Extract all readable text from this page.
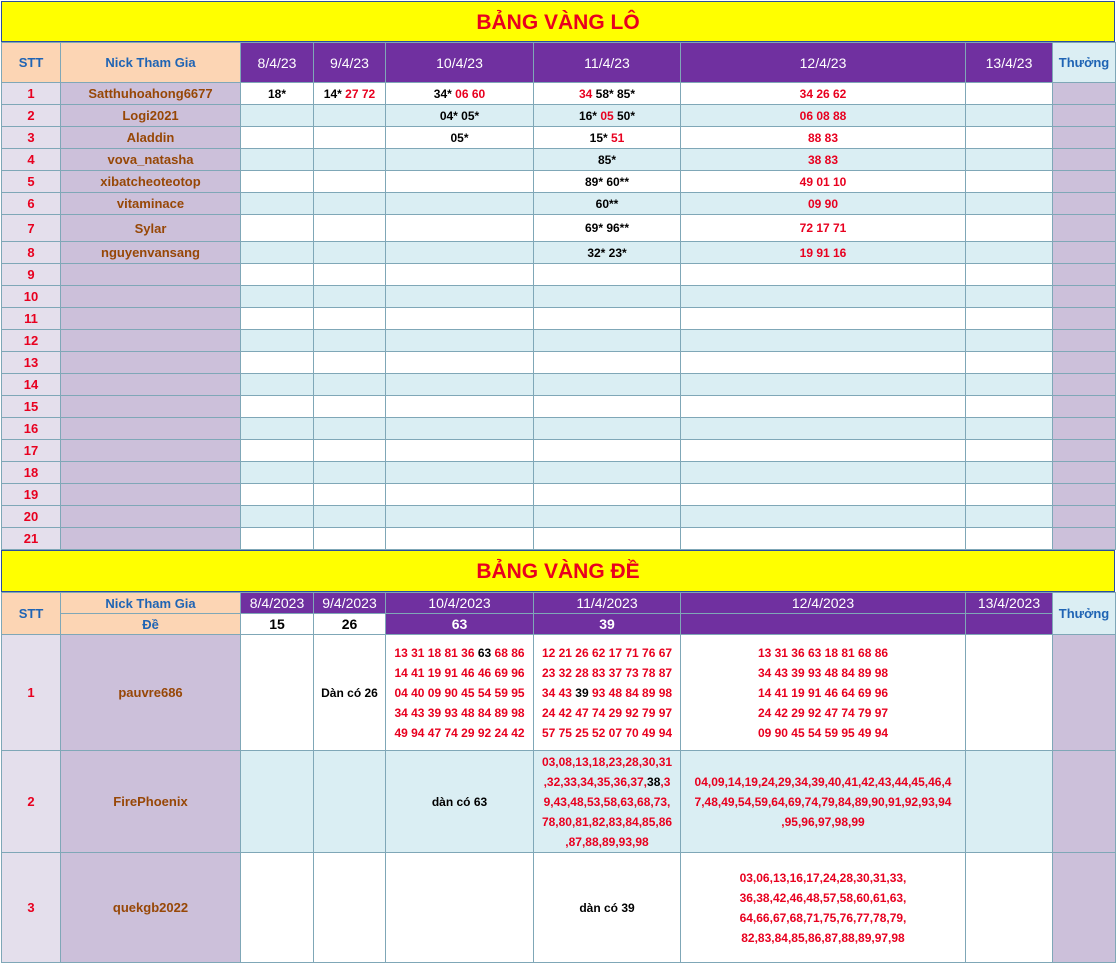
BẢNG VÀNG LÔ
STT	Nick Tham Gia	8/4/23	9/4/23	10/4/23	11/4/23	12/4/23	13/4/23	Thưởng
1	Satthuhoahong6677	18*	14* 27 72	34* 06 60	34 58* 85*	34 26 62		
2	Logi2021			04* 05*	16* 05 50*	06 08 88		
3	Aladdin			05*	15* 51	88 83		
4	vova_natasha				85*	38 83		
5	xibatcheoteotop				89* 60**	49 01 10		
6	vitaminace				60**	09 90		
7	Sylar				69* 96**	72 17 71		
8	nguyenvansang				32* 23*	19 91 16		
9								
10								
11								
12								
13								
14								
15								
16								
17								
18								
19								
20								
21								
BẢNG VÀNG ĐỀ
STT	Nick Tham Gia	8/4/2023	9/4/2023	10/4/2023	11/4/2023	12/4/2023	13/4/2023	Thưởng
	Đề	15	26	63	39			
1	pauvre686		Dàn có 26	13 31 18 81 36 63 68 86
14 41 19 91 46 46 69 96
04 40 09 90 45 54 59 95
34 43 39 93 48 84 89 98
49 94 47 74 29 92 24 42	12 21 26 62 17 71 76 67
23 32 28 83 37 73 78 87
34 43 39 93 48 84 89 98
24 42 47 74 29 92 79 97
57 75 25 52 07 70 49 94	13 31 36 63 18 81 68 86
34 43 39 93 48 84 89 98
14 41 19 91 46 64 69 96
24 42 29 92 47 74 79 97
09 90 45 54 59 95 49 94		
2	FirePhoenix			dàn có 63	03,08,13,18,23,28,30,31
,32,33,34,35,36,37,38,3
9,43,48,53,58,63,68,73,
78,80,81,82,83,84,85,86
,87,88,89,93,98	04,09,14,19,24,29,34,39,40,41,42,43,44,45,46,4
7,48,49,54,59,64,69,74,79,84,89,90,91,92,93,94
,95,96,97,98,99		
3	quekgb2022				dàn có 39	03,06,13,16,17,24,28,30,31,33,
36,38,42,46,48,57,58,60,61,63,
64,66,67,68,71,75,76,77,78,79,
82,83,84,85,86,87,88,89,97,98		
